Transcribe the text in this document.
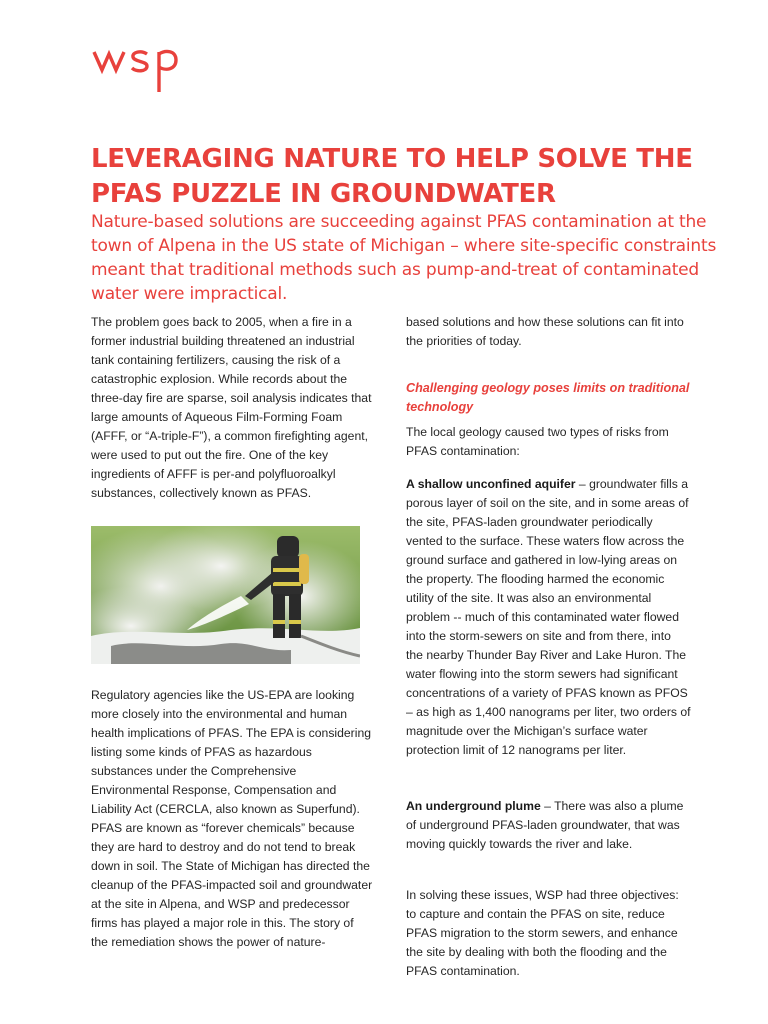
LEVERAGING NATURE TO HELP SOLVE THE PFAS PUZZLE IN GROUNDWATER

Nature-based solutions are succeeding against PFAS contamination at the town of Alpena in the US state of Michigan – where site-specific constraints meant that traditional methods such as pump-and-treat of contaminated water were impractical.

The problem goes back to 2005, when a fire in a former industrial building threatened an industrial tank containing fertilizers, causing the risk of a catastrophic explosion. While records about the three-day fire are sparse, soil analysis indicates that large amounts of Aqueous Film-Forming Foam (AFFF, or “A-triple-F”), a common firefighting agent, were used to put out the fire. One of the key ingredients of AFFF is per-and polyfluoroalkyl substances, collectively known as PFAS.

Regulatory agencies like the US-EPA are looking more closely into the environmental and human health implications of PFAS. The EPA is considering listing some kinds of PFAS as hazardous substances under the Comprehensive Environmental Response, Compensation and Liability Act (CERCLA, also known as Superfund). PFAS are known as “forever chemicals” because they are hard to destroy and do not tend to break down in soil. The State of Michigan has directed the cleanup of the PFAS-impacted soil and groundwater at the site in Alpena, and WSP and predecessor firms has played a major role in this. The story of the remediation shows the power of nature-

based solutions and how these solutions can fit into the priorities of today.

Challenging geology poses limits on traditional technology

The local geology caused two types of risks from PFAS contamination:

A shallow unconfined aquifer – groundwater fills a porous layer of soil on the site, and in some areas of the site, PFAS-laden groundwater periodically vented to the surface. These waters flow across the ground surface and gathered in low-lying areas on the property. The flooding harmed the economic utility of the site. It was also an environmental problem -- much of this contaminated water flowed into the storm-sewers on site and from there, into the nearby Thunder Bay River and Lake Huron. The water flowing into the storm sewers had significant concentrations of a variety of PFAS known as PFOS – as high as 1,400 nanograms per liter, two orders of magnitude over the Michigan’s surface water protection limit of 12 nanograms per liter.

An underground plume – There was also a plume of underground PFAS-laden groundwater, that was moving quickly towards the river and lake.

In solving these issues, WSP had three objectives: to capture and contain the PFAS on site, reduce PFAS migration to the storm sewers, and enhance the site by dealing with both the flooding and the PFAS contamination.
